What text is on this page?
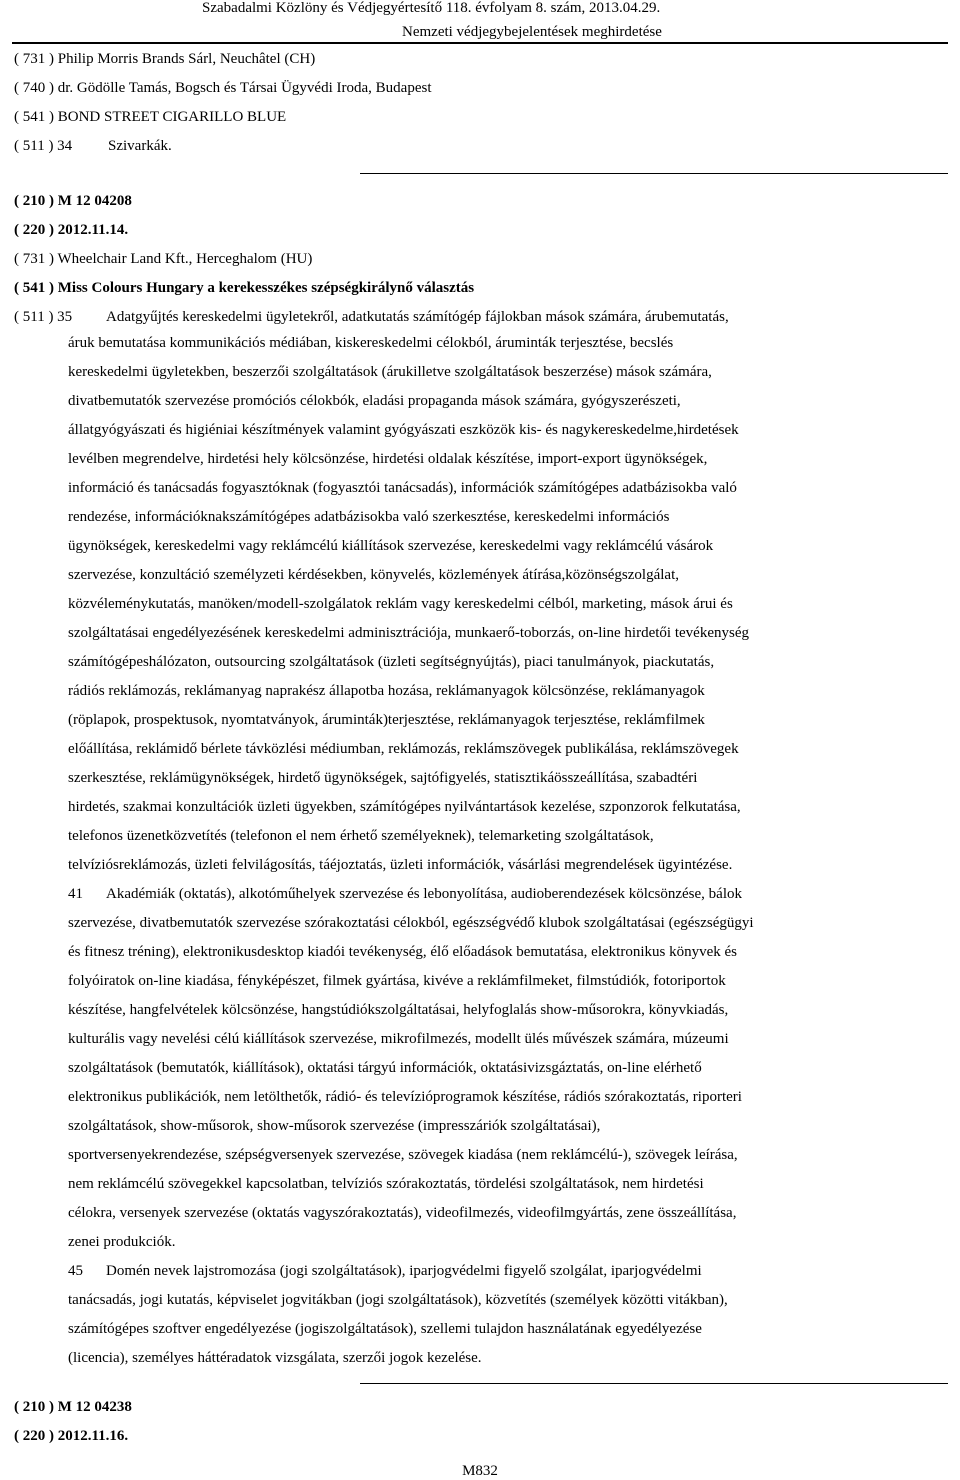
Szabadalmi Közlöny és Védjegyértesítő 118. évfolyam 8. szám, 2013.04.29.
Nemzeti védjegybejelentések meghirdetése
( 731 ) Philip Morris Brands Sárl, Neuchâtel (CH)
( 740 ) dr. Gödölle Tamás, Bogsch és Társai Ügyvédi Iroda, Budapest
( 541 ) BOND STREET CIGARILLO BLUE
( 511 ) 34 Szivarkák.
( 210 ) M 12 04208
( 220 ) 2012.11.14.
( 731 ) Wheelchair Land Kft., Herceghalom (HU)
( 541 ) Miss Colours Hungary a kerekesszékes szépségkirálynő választás
( 511 ) 35 Adatgyűjtés kereskedelmi ügyletekről, adatkutatás számítógép fájlokban mások számára, árubemutatás,

áruk bemutatása kommunikációs médiában, kiskereskedelmi célokból, áruminták terjesztése, becslés

kereskedelmi ügyletekben, beszerzői szolgáltatások (árukilletve szolgáltatások beszerzése) mások számára,

divatbemutatók szervezése promóciós célokbók, eladási propaganda mások számára, gyógyszerészeti,

állatgyógyászati és higiéniai készítmények valamint gyógyászati eszközök kis- és nagykereskedelme,hirdetések

levélben megrendelve, hirdetési hely kölcsönzése, hirdetési oldalak készítése, import-export ügynökségek,

információ és tanácsadás fogyasztóknak (fogyasztói tanácsadás), információk számítógépes adatbázisokba való

rendezése, információknakszámítógépes adatbázisokba való szerkesztése, kereskedelmi információs

ügynökségek, kereskedelmi vagy reklámcélú kiállítások szervezése, kereskedelmi vagy reklámcélú vásárok

szervezése, konzultáció személyzeti kérdésekben, könyvelés, közlemények átírása,közönségszolgálat,

közvéleménykutatás, manöken/modell-szolgálatok reklám vagy kereskedelmi célból, marketing, mások árui és

szolgáltatásai engedélyezésének kereskedelmi adminisztrációja, munkaerő-toborzás, on-line hirdetői tevékenység

számítógépeshálózaton, outsourcing szolgáltatások (üzleti segítségnyújtás), piaci tanulmányok, piackutatás,

rádiós reklámozás, reklámanyag naprakész állapotba hozása, reklámanyagok kölcsönzése, reklámanyagok

(röplapok, prospektusok, nyomtatványok, áruminták)terjesztése, reklámanyagok terjesztése, reklámfilmek

előállítása, reklámidő bérlete távközlési médiumban, reklámozás, reklámszövegek publikálása, reklámszövegek

szerkesztése, reklámügynökségek, hirdető ügynökségek, sajtófigyelés, statisztikáösszeállítása, szabadtéri

hirdetés, szakmai konzultációk üzleti ügyekben, számítógépes nyilvántartások kezelése, szponzorok felkutatása,

telefonos üzenetközvetítés (telefonon el nem érhető személyeknek), telemarketing szolgáltatások,

telvíziósreklámozás, üzleti felvilágosítás, táéjoztatás, üzleti információk, vásárlási megrendelések ügyintézése.

41 Akadémiák (oktatás), alkotóműhelyek szervezése és lebonyolítása, audioberendezések kölcsönzése, bálok

szervezése, divatbemutatók szervezése szórakoztatási célokból, egészségvédő klubok szolgáltatásai (egészségügyi

és fitnesz tréning), elektronikusdesktop kiadói tevékenység, élő előadások bemutatása, elektronikus könyvek és

folyóiratok on-line kiadása, fényképészet, filmek gyártása, kivéve a reklámfilmeket, filmstúdiók, fotoriportok

készítése, hangfelvételek kölcsönzése, hangstúdiókszolgáltatásai, helyfoglalás show-műsorokra, könyvkiadás,

kulturális vagy nevelési célú kiállítások szervezése, mikrofilmezés, modellt ülés művészek számára, múzeumi

szolgáltatások (bemutatók, kiállítások), oktatási tárgyú információk, oktatásivizsgáztatás, on-line elérhető

elektronikus publikációk, nem letölthetők, rádió- és televízióprogramok készítése, rádiós szórakoztatás, riporteri

szolgáltatások, show-műsorok, show-műsorok szervezése (impresszáriók szolgáltatásai),

sportversenyekrendezése, szépségversenyek szervezése, szövegek kiadása (nem reklámcélú-), szövegek leírása,

nem reklámcélú szövegekkel kapcsolatban, telvíziós szórakoztatás, tördelési szolgáltatások, nem hirdetési

célokra, versenyek szervezése (oktatás vagyszórakoztatás), videofilmezés, videofilmgyártás, zene összeállítása,

zenei produkciók.

45 Domén nevek lajstromozása (jogi szolgáltatások), iparjogvédelmi figyelő szolgálat, iparjogvédelmi

tanácsadás, jogi kutatás, képviselet jogvitákban (jogi szolgáltatások), közvetítés (személyek közötti vitákban),

számítógépes szoftver engedélyezése (jogiszolgáltatások), szellemi tulajdon használatának egyedélyezése

(licencia), személyes háttéradatok vizsgálata, szerzői jogok kezelése.

( 210 ) M 12 04238
( 220 ) 2012.11.16.
M832
